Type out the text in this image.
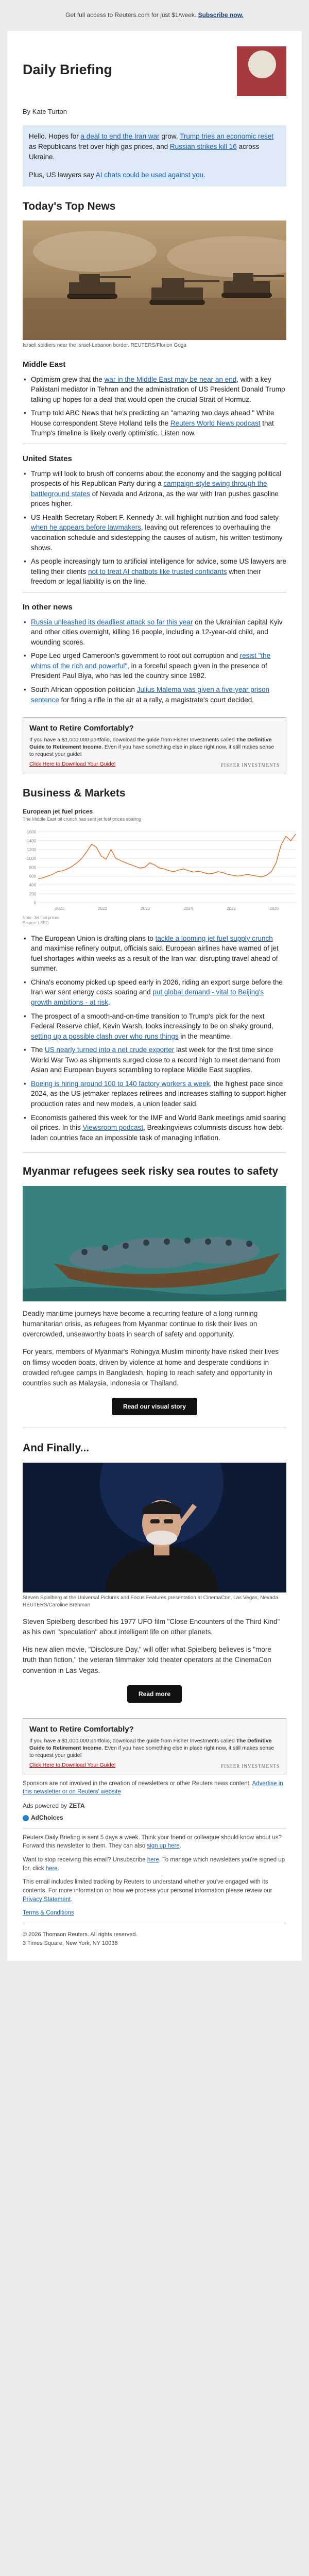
Get full access to Reuters.com for just $1/week.
Subscribe now.
Daily Briefing
By Kate Turton

Hello. Hopes for a deal to end the Iran war grow, Trump tries an economic reset as Republicans fret over high gas prices, and Russian strikes kill 16 across Ukraine.

Plus, US lawyers say AI chats could be used against you.

Today's Top News
Israeli soldiers near the Israel-Lebanon border. REUTERS/Florion Goga
Middle East
• Optimism grew that the war in the Middle East may be near an end, with a key Pakistani mediator in Tehran and the administration of US President Donald Trump talking up hopes for a deal that would open the crucial Strait of Hormuz.
• Trump told ABC News that he's predicting an "amazing two days ahead." White House correspondent Steve Holland tells the Reuters World News podcast that Trump's timeline is likely overly optimistic. Listen now.
United States
• Trump will look to brush off concerns about the economy and the sagging political prospects of his Republican Party during a campaign-style swing through the battleground states of Nevada and Arizona, as the war with Iran pushes gasoline prices higher.
• US Health Secretary Robert F. Kennedy Jr. will highlight nutrition and food safety when he appears before lawmakers, leaving out references to overhauling the vaccination schedule and sidestepping the causes of autism, his written testimony shows.
• As people increasingly turn to artificial intelligence for advice, some US lawyers are telling their clients not to treat AI chatbots like trusted confidants when their freedom or legal liability is on the line.
In other news
• Russia unleashed its deadliest attack so far this year on the Ukrainian capital Kyiv and other cities overnight, killing 16 people, including a 12-year-old child, and wounding scores.
• Pope Leo urged Cameroon's government to root out corruption and resist "the whims of the rich and powerful", in a forceful speech given in the presence of President Paul Biya, who has led the country since 1982.
• South African opposition politician Julius Malema was given a five-year prison sentence for firing a rifle in the air at a rally, a magistrate's court decided.
Want to Retire Comfortably?

If you have a $1,000,000 portfolio, download the guide from Fisher Investments called The Definitive Guide to Retirement Income. Even if you have something else in place right now, it still makes sense to request your guide!

Click Here to Download Your Guide!	FISHER INVESTMENTS
Business & Markets
European jet fuel prices
The Middle East oil crunch has sent jet fuel prices soaring
0
200
400
600
800
1000
1200
1400
1600
2021	2022	2023	2024	2025	2026
Note: Jet fuel prices
Source: LSEG
• The European Union is drafting plans to tackle a looming jet fuel supply crunch and maximise refinery output, officials said. European airlines have warned of jet fuel shortages within weeks as a result of the Iran war, disrupting travel ahead of summer.
• China's economy picked up speed early in 2026, riding an export surge before the Iran war sent energy costs soaring and put global demand - vital to Beijing's growth ambitions - at risk.
• The prospect of a smooth-and-on-time transition to Trump's pick for the next Federal Reserve chief, Kevin Warsh, looks increasingly to be on shaky ground, setting up a possible clash over who runs things in the meantime.
• The US nearly turned into a net crude exporter last week for the first time since World War Two as shipments surged close to a record high to meet demand from Asian and European buyers scrambling to replace Middle East supplies.
• Boeing is hiring around 100 to 140 factory workers a week, the highest pace since 2024, as the US jetmaker replaces retirees and increases staffing to support higher production rates and new models, a union leader said.
• Economists gathered this week for the IMF and World Bank meetings amid soaring oil prices. In this Viewsroom podcast, Breakingviews columnists discuss how debt-laden countries face an impossible task of managing inflation.
Myanmar refugees seek risky sea routes to safety

Deadly maritime journeys have become a recurring feature of a long-running humanitarian crisis, as refugees from Myanmar continue to risk their lives on overcrowded, unseaworthy boats in search of safety and opportunity.

For years, members of Myanmar's Rohingya Muslim minority have risked their lives on flimsy wooden boats, driven by violence at home and desperate conditions in crowded refugee camps in Bangladesh, hoping to reach safety and opportunity in countries such as Malaysia, Indonesia or Thailand.

Read our visual story
And Finally...
Steven Spielberg at the Universal Pictures and Focus Features presentation at CinemaCon, Las Vegas, Nevada. REUTERS/Caroline Brehman

Steven Spielberg described his 1977 UFO film "Close Encounters of the Third Kind" as his own "speculation" about intelligent life on other planets.

His new alien movie, "Disclosure Day," will offer what Spielberg believes is "more truth than fiction," the veteran filmmaker told theater operators at the CinemaCon convention in Las Vegas.

Read more
Want to Retire Comfortably?

If you have a $1,000,000 portfolio, download the guide from Fisher Investments called The Definitive Guide to Retirement Income. Even if you have something else in place right now, it still makes sense to request your guide!

Click Here to Download Your Guide!	FISHER INVESTMENTS

Sponsors are not involved in the creation of newsletters or other Reuters news content. Advertise in this newsletter or on Reuters' website

Ads powered by ZETA
AdChoices

Reuters Daily Briefing is sent 5 days a week. Think your friend or colleague should know about us? Forward this newsletter to them. They can also sign up here.

Want to stop receiving this email? Unsubscribe here. To manage which newsletters you're signed up for, click here.

This email includes limited tracking by Reuters to understand whether you've engaged with its contents. For more information on how we process your personal information please review our Privacy Statement.

Terms & Conditions

© 2026 Thomson Reuters. All rights reserved.
3 Times Square, New York, NY 10036
